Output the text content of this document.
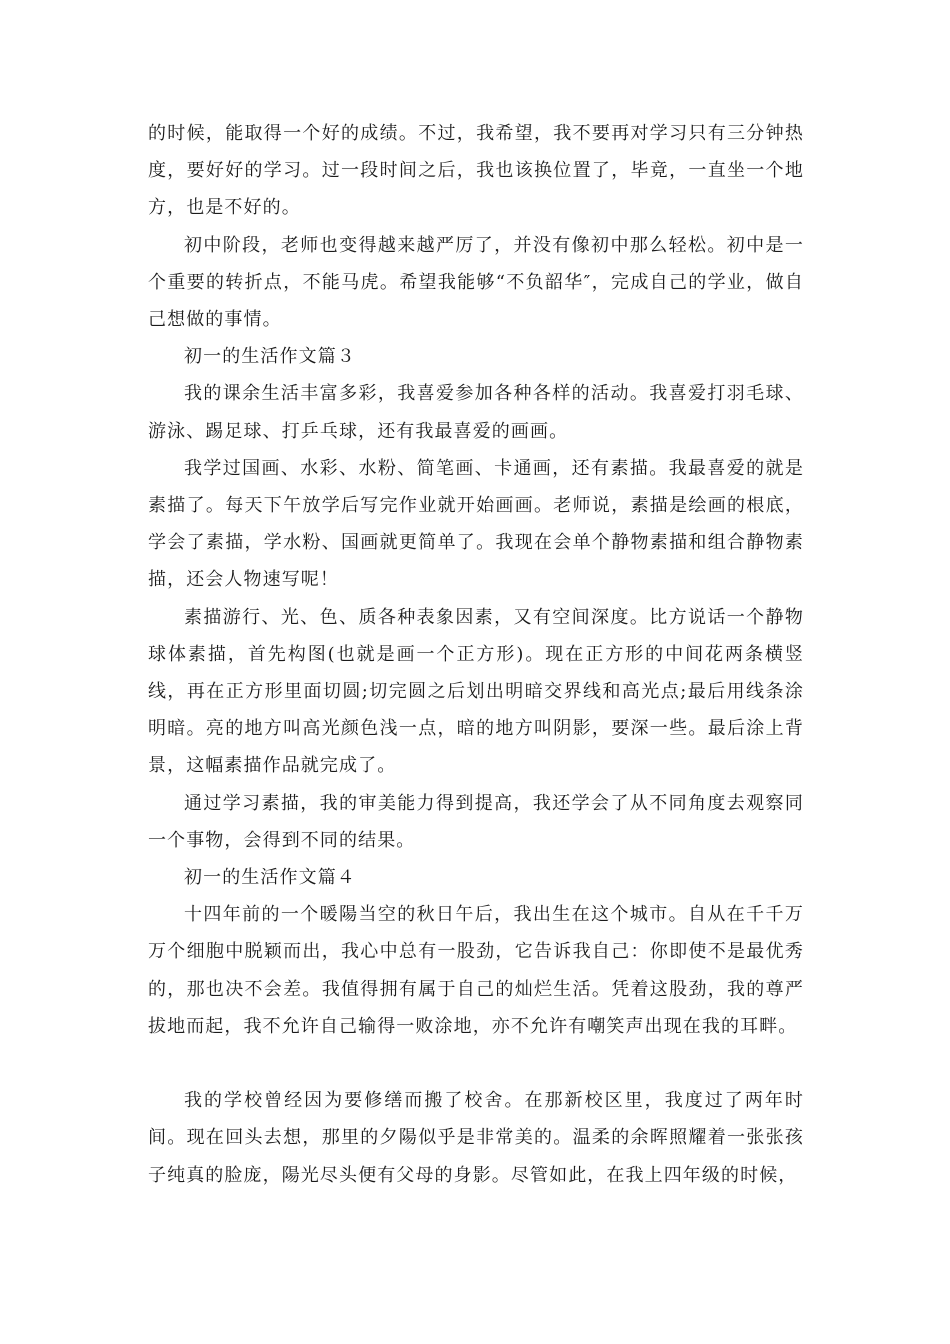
的时候，能取得一个好的成绩。不过，我希望，我不要再对学习只有三分钟热度，要好好的学习。过一段时间之后，我也该换位置了，毕竟，一直坐一个地方，也是不好的。

初中阶段，老师也变得越来越严厉了，并没有像初中那么轻松。初中是一个重要的转折点，不能马虎。希望我能够“不负韶华″，完成自己的学业，做自己想做的事情。

初一的生活作文篇３

我的课余生活丰富多彩，我喜爱参加各种各样的活动。我喜爱打羽毛球、游泳、踢足球、打乒乓球，还有我最喜爱的画画。

我学过国画、水彩、水粉、简笔画、卡通画，还有素描。我最喜爱的就是素描了。每天下午放学后写完作业就开始画画。老师说，素描是绘画的根底，学会了素描，学水粉、国画就更简单了。我现在会单个静物素描和组合静物素描，还会人物速写呢！

素描游行、光、色、质各种表象因素，又有空间深度。比方说话一个静物球体素描，首先构图(也就是画一个正方形)。现在正方形的中间花两条横竖线，再在正方形里面切圆;切完圆之后划出明暗交界线和高光点;最后用线条涂明暗。亮的地方叫高光颜色浅一点，暗的地方叫阴影，要深一些。最后涂上背景，这幅素描作品就完成了。

通过学习素描，我的审美能力得到提高，我还学会了从不同角度去观察同一个事物，会得到不同的结果。

初一的生活作文篇４

十四年前的一个暖陽当空的秋日午后，我出生在这个城市。自从在千千万万个细胞中脱颖而出，我心中总有一股劲，它告诉我自己：你即使不是最优秀的，那也决不会差。我值得拥有属于自己的灿烂生活。凭着这股劲，我的尊严拔地而起，我不允许自己输得一败涂地，亦不允许有嘲笑声出现在我的耳畔。

我的学校曾经因为要修缮而搬了校舍。在那新校区里，我度过了两年时间。现在回头去想，那里的夕陽似乎是非常美的。温柔的余晖照耀着一张张孩子纯真的脸庞，陽光尽头便有父母的身影。尽管如此，在我上四年级的时候，
